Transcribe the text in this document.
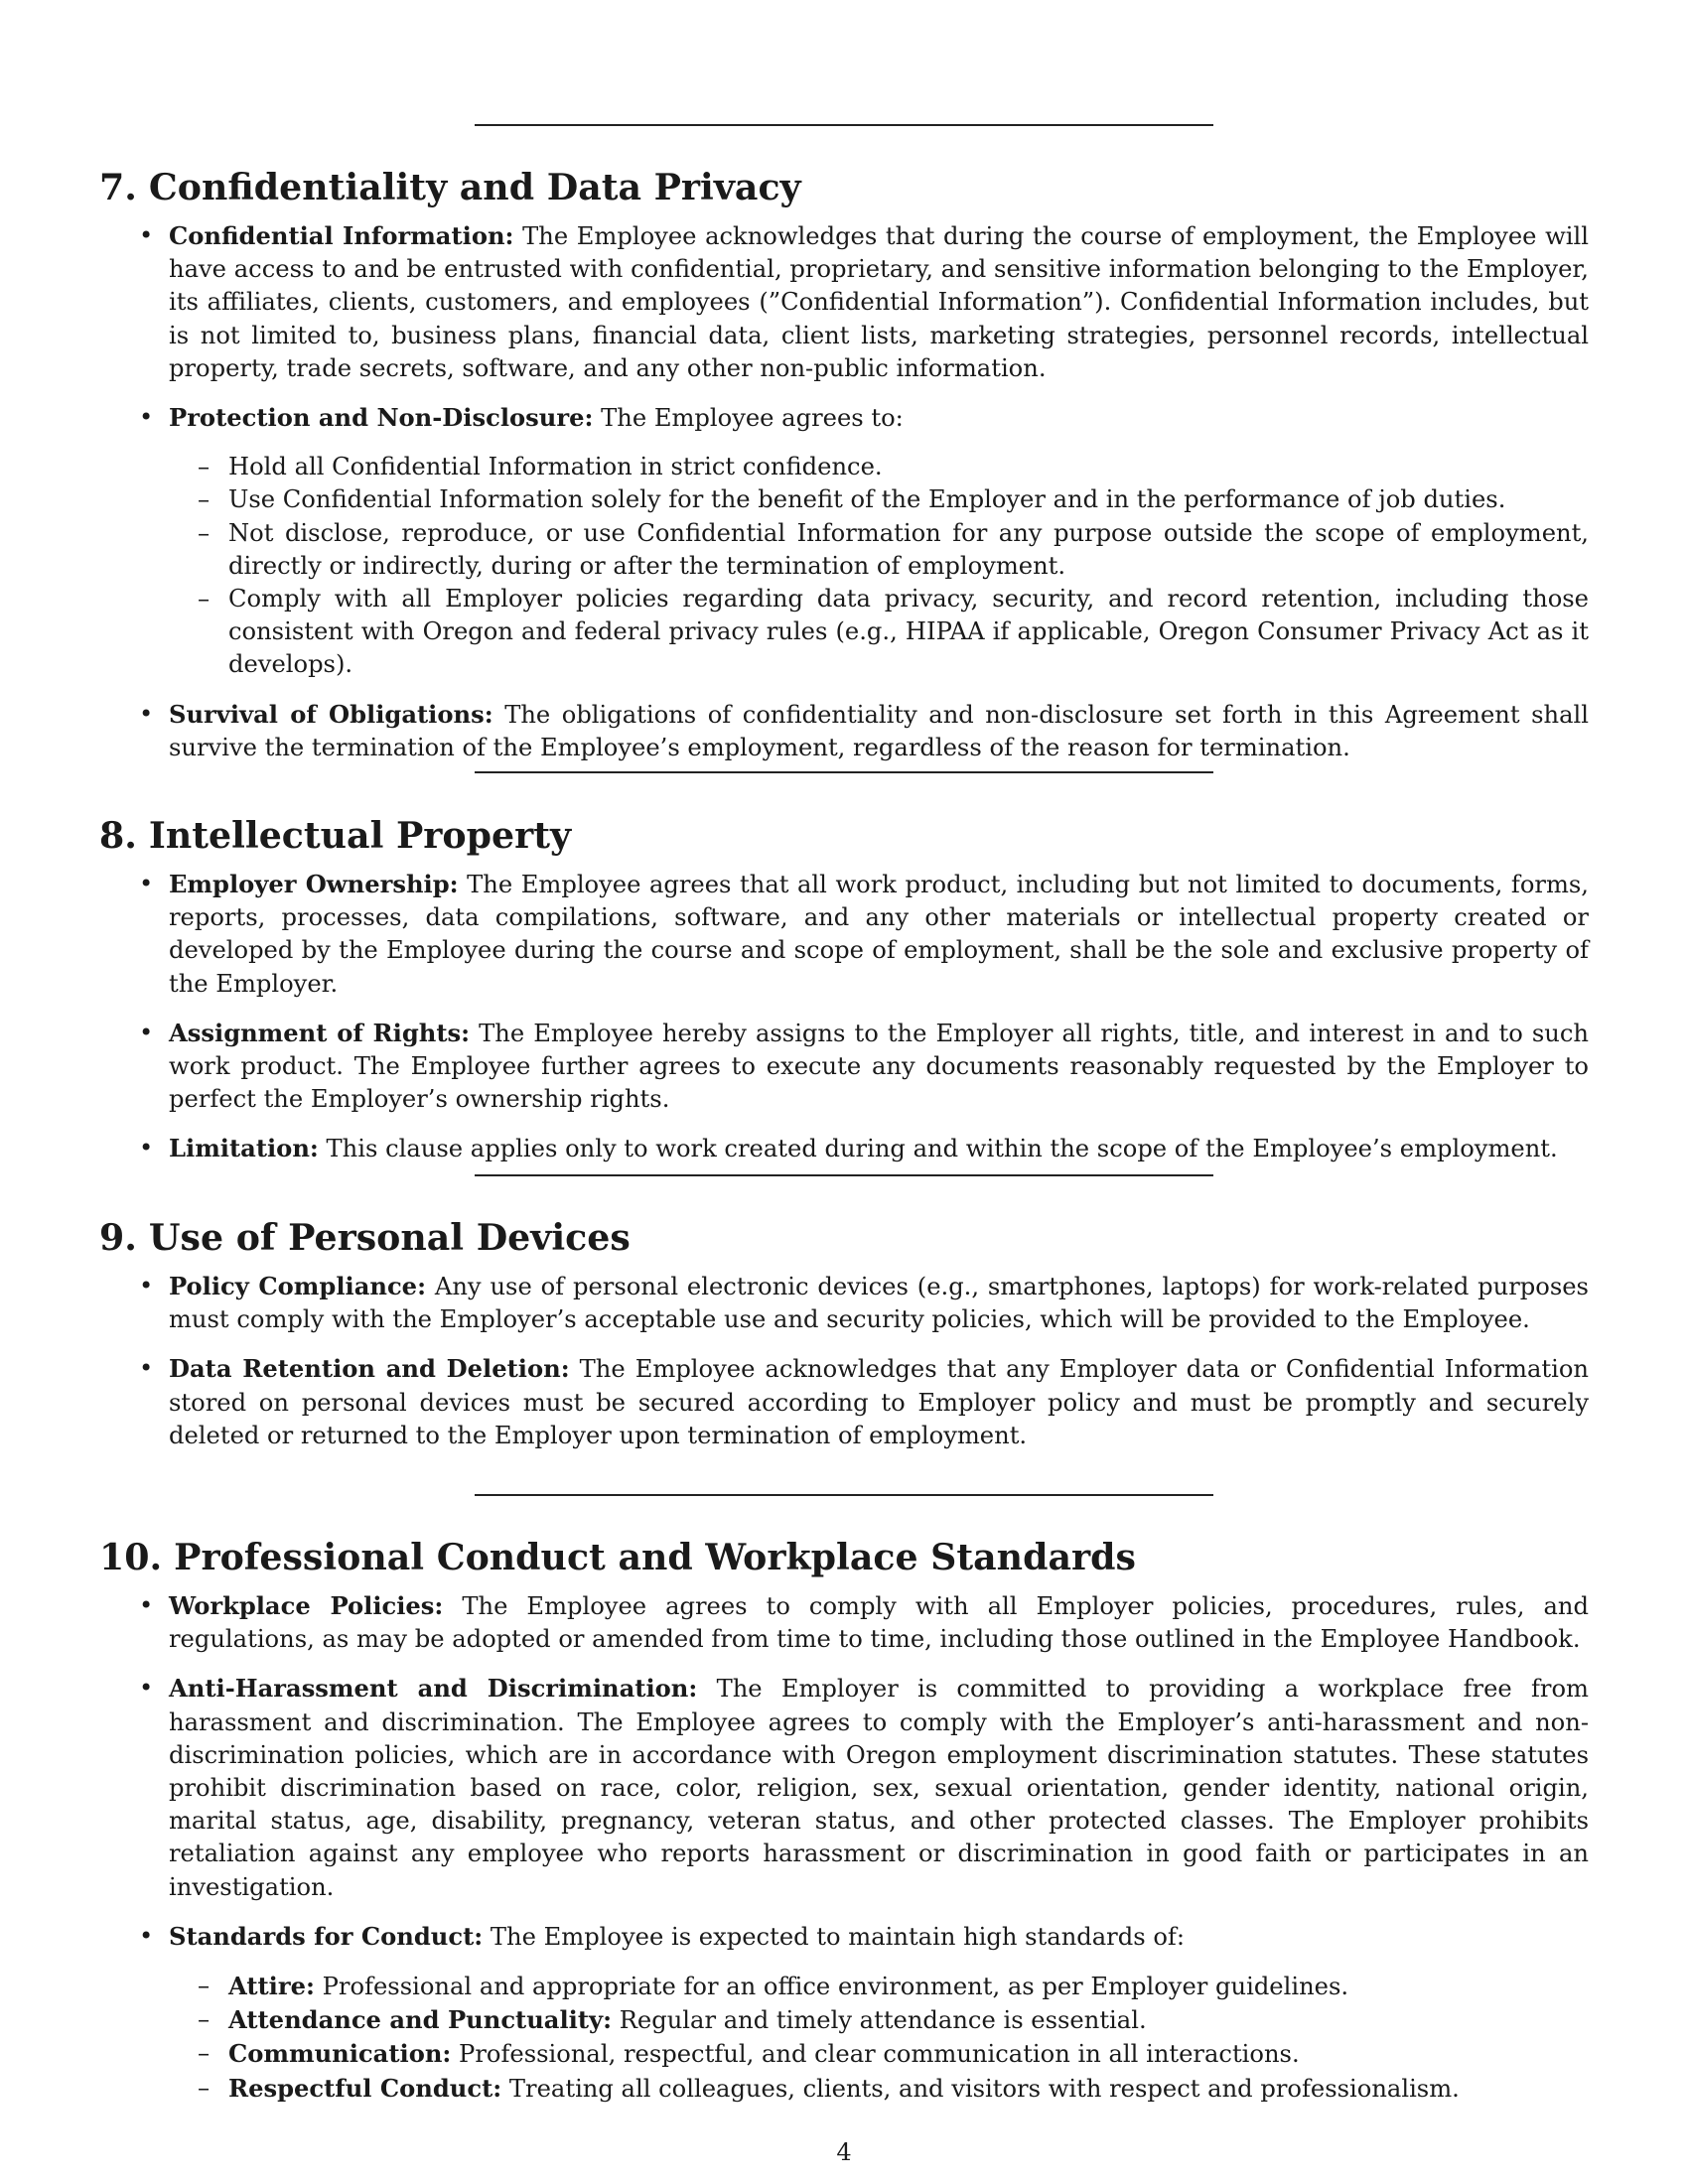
7. Confidentiality and Data Privacy
• Confidential Information: The Employee acknowledges that during the course of employment, the Employee will have access to and be entrusted with confidential, proprietary, and sensitive information belonging to the Employer, its affiliates, clients, customers, and employees (”Confidential Information”). Confidential Information includes, but is not limited to, business plans, financial data, client lists, marketing strategies, personnel records, intellectual property, trade secrets, software, and any other non-public information.
• Protection and Non-Disclosure: The Employee agrees to:
– Hold all Confidential Information in strict confidence.
– Use Confidential Information solely for the benefit of the Employer and in the performance of job duties.
– Not disclose, reproduce, or use Confidential Information for any purpose outside the scope of employment, directly or indirectly, during or after the termination of employment.
– Comply with all Employer policies regarding data privacy, security, and record retention, including those consistent with Oregon and federal privacy rules (e.g., HIPAA if applicable, Oregon Consumer Privacy Act as it develops).
• Survival of Obligations: The obligations of confidentiality and non-disclosure set forth in this Agreement shall survive the termination of the Employee’s employment, regardless of the reason for termination.
8. Intellectual Property
• Employer Ownership: The Employee agrees that all work product, including but not limited to documents, forms, reports, processes, data compilations, software, and any other materials or intellectual property created or developed by the Employee during the course and scope of employment, shall be the sole and exclusive property of the Employer.
• Assignment of Rights: The Employee hereby assigns to the Employer all rights, title, and interest in and to such work product. The Employee further agrees to execute any documents reasonably requested by the Employer to perfect the Employer’s ownership rights.
• Limitation: This clause applies only to work created during and within the scope of the Employee’s employment.
9. Use of Personal Devices
• Policy Compliance: Any use of personal electronic devices (e.g., smartphones, laptops) for work-related purposes must comply with the Employer’s acceptable use and security policies, which will be provided to the Employee.
• Data Retention and Deletion: The Employee acknowledges that any Employer data or Confidential Information stored on personal devices must be secured according to Employer policy and must be promptly and securely deleted or returned to the Employer upon termination of employment.
10. Professional Conduct and Workplace Standards
• Workplace Policies: The Employee agrees to comply with all Employer policies, procedures, rules, and regulations, as may be adopted or amended from time to time, including those outlined in the Employee Handbook.
• Anti-Harassment and Discrimination: The Employer is committed to providing a workplace free from harassment and discrimination. The Employee agrees to comply with the Employer’s anti-harassment and non-discrimination policies, which are in accordance with Oregon employment discrimination statutes. These statutes prohibit discrimination based on race, color, religion, sex, sexual orientation, gender identity, national origin, marital status, age, disability, pregnancy, veteran status, and other protected classes. The Employer prohibits retaliation against any employee who reports harassment or discrimination in good faith or participates in an investigation.
• Standards for Conduct: The Employee is expected to maintain high standards of:
– Attire: Professional and appropriate for an office environment, as per Employer guidelines.
– Attendance and Punctuality: Regular and timely attendance is essential.
– Communication: Professional, respectful, and clear communication in all interactions.
– Respectful Conduct: Treating all colleagues, clients, and visitors with respect and professionalism.
4
